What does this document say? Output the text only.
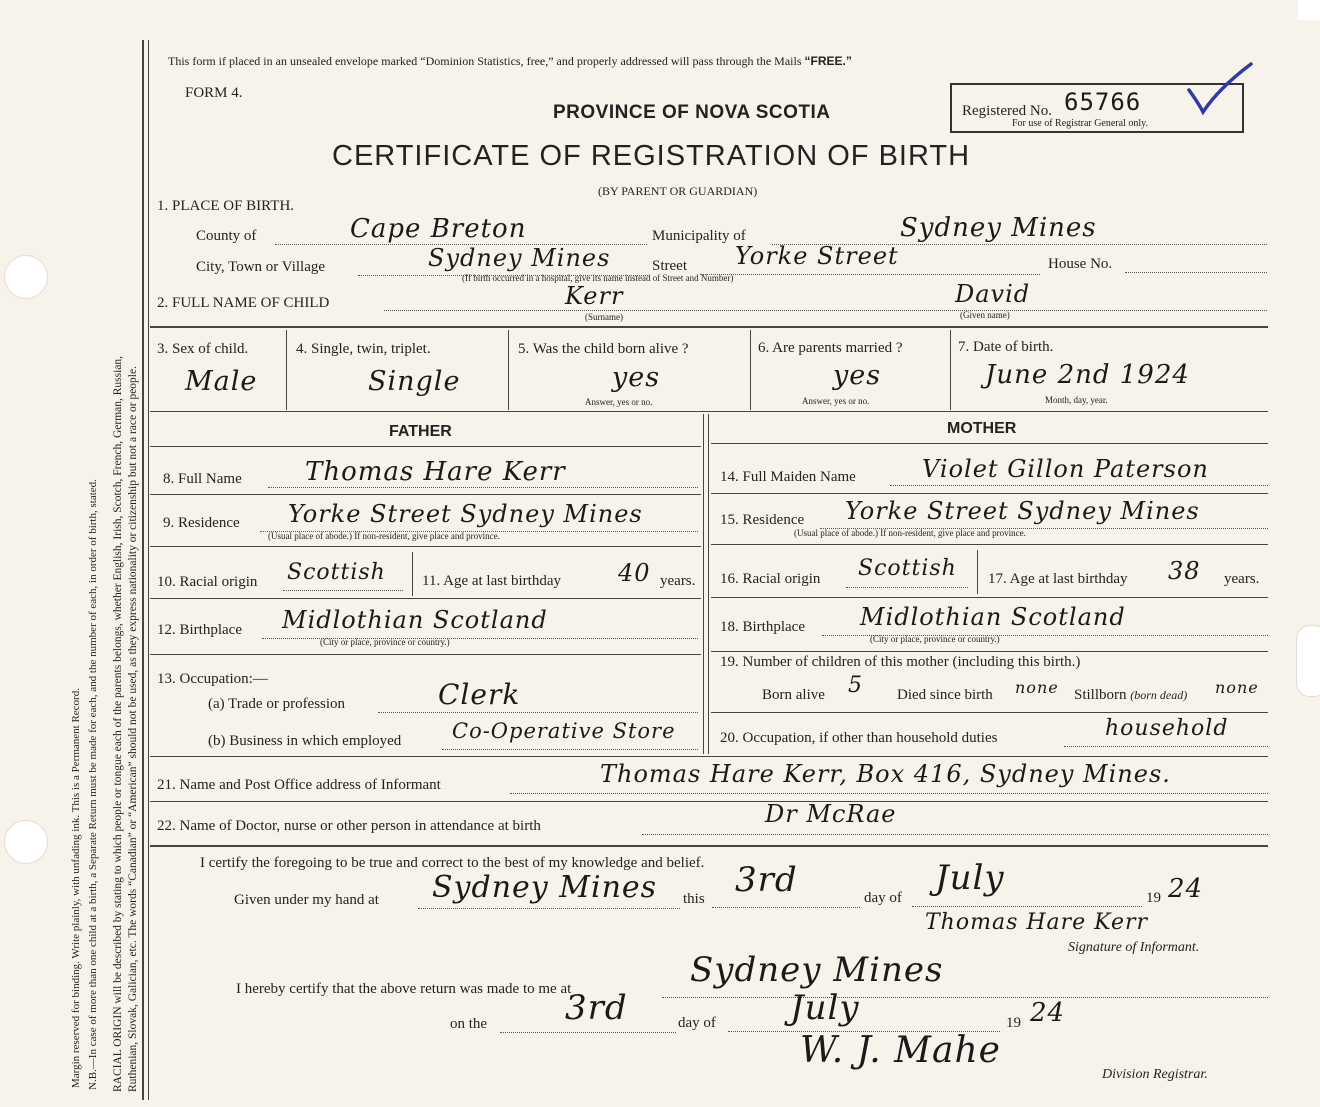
Margin reserved for binding. Write plainly, with unfading ink. This is a Permanent Record. N.B.—In case of more than one child at a birth, a Separate Return must be made for each, and the number of each, in order of birth, stated. RACIAL ORIGIN will be described by stating to which people or tongue each of the parents belongs, whether English, Irish, Scotch, French, German, Russian, Ruthenian, Slovak, Galician, etc. The words “Canadian” or “American” should not be used, as they express nationality or citizenship but not a race or people.
This form if placed in an unsealed envelope marked “Dominion Statistics, free,” and properly addressed will pass through the Mails “FREE.”
FORM 4.
PROVINCE OF NOVA SCOTIA	Registered No. 65766
For use of Registrar General only.
CERTIFICATE OF REGISTRATION OF BIRTH
(BY PARENT OR GUARDIAN)
1. PLACE OF BIRTH.
County of	Cape Breton	Municipality of	Sydney Mines
City, Town or Village	Sydney Mines
(If birth occurred in a hospital, give its name instead of Street and Number)
Street Yorke Street	House No.
2. FULL NAME OF CHILD	Kerr
(Surname)
David
(Given name)
3. Sex of child.
Male
4. Single, twin, triplet.
Single
5. Was the child born alive ?
yes
Answer, yes or no.
6. Are parents married ?
yes
Answer, yes or no.
7. Date of birth.
June 2nd 1924
Month, day, year.
FATHER	MOTHER
8. Full Name Thomas Hare Kerr
9. Residence Yorke Street Sydney Mines
(Usual place of abode.) If non-resident, give place and province.
10. Racial origin Scottish 11. Age at last birthday 40 years.
12. Birthplace Midlothian Scotland
(City or place, province or country.)
13. Occupation:—
(a) Trade or profession	Clerk
(b) Business in which employed Co-Operative Store
14. Full Maiden Name	Violet Gillon Paterson
15. Residence Yorke Street Sydney Mines
(Usual place of abode.) If non-resident, give place and province.
16. Racial origin Scottish 17. Age at last birthday 38 years.
18. Birthplace Midlothian Scotland
(City or place, province or country.)
19. Number of children of this mother (including this birth.)
Born alive 5 Died since birth none Stillborn (born dead) none
20. Occupation, if other than household duties	household
21. Name and Post Office address of Informant	Thomas Hare Kerr, Box 416, Sydney Mines.
22. Name of Doctor, nurse or other person in attendance at birth	Dr McRae
I certify the foregoing to be true and correct to the best of my knowledge and belief.
Given under my hand at Sydney Mines this 3rd	day of July	19 24
Thomas Hare Kerr
Signature of Informant.
I hereby certify that the above return was made to me at	Sydney Mines
on the 3rd	day of July	19 24
W. J. Mahe
Division Registrar.
